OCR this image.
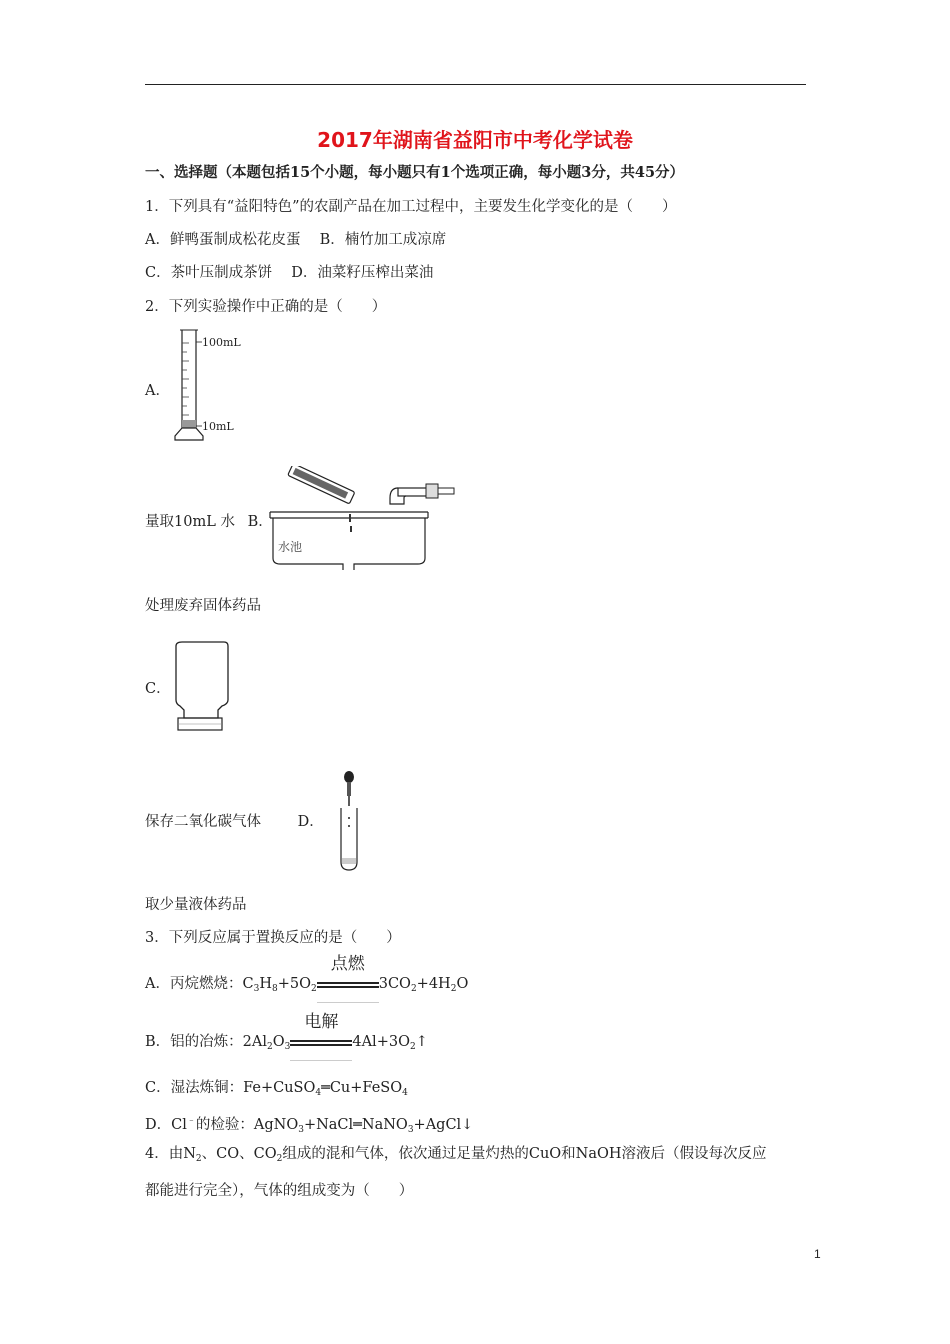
2017年湖南省益阳市中考化学试卷
一、选择题（本题包括15个小题，每小题只有1个选项正确，每小题3分，共45分）
1．下列具有“益阳特色”的农副产品在加工过程中，主要发生化学变化的是（　　）
A．鲜鸭蛋制成松花皮蛋　 B．楠竹加工成凉席
C．茶叶压制成茶饼　 D．油菜籽压榨出菜油
2．下列实验操作中正确的是（　　）
A．
100mL
10mL
量取10mL 水 B．
水池
处理废弃固体药品
C．
保存二氧化碳气体	D．
取少量液体药品
3．下列反应属于置换反应的是（　　）
A．丙烷燃烧：$C_3H_8+5O_2$
点燃
$3CO_2+4H_2O$
B．铝的冶炼：$2Al_2O_3$
电解
$4Al+3O_2↑$
C．湿法炼铜：Fe+CuSO$_4$═Cu+FeSO$_4$
D．Cl﹣的检验：AgNO$_3$+NaCl═NaNO$_3$+AgCl↓
4．由$N_2$、CO、$CO_2$组成的混和气体，依次通过足量灼热的CuO和NaOH溶液后（假设每次反应
都能进行完全），气体的组成变为（　　）
1
